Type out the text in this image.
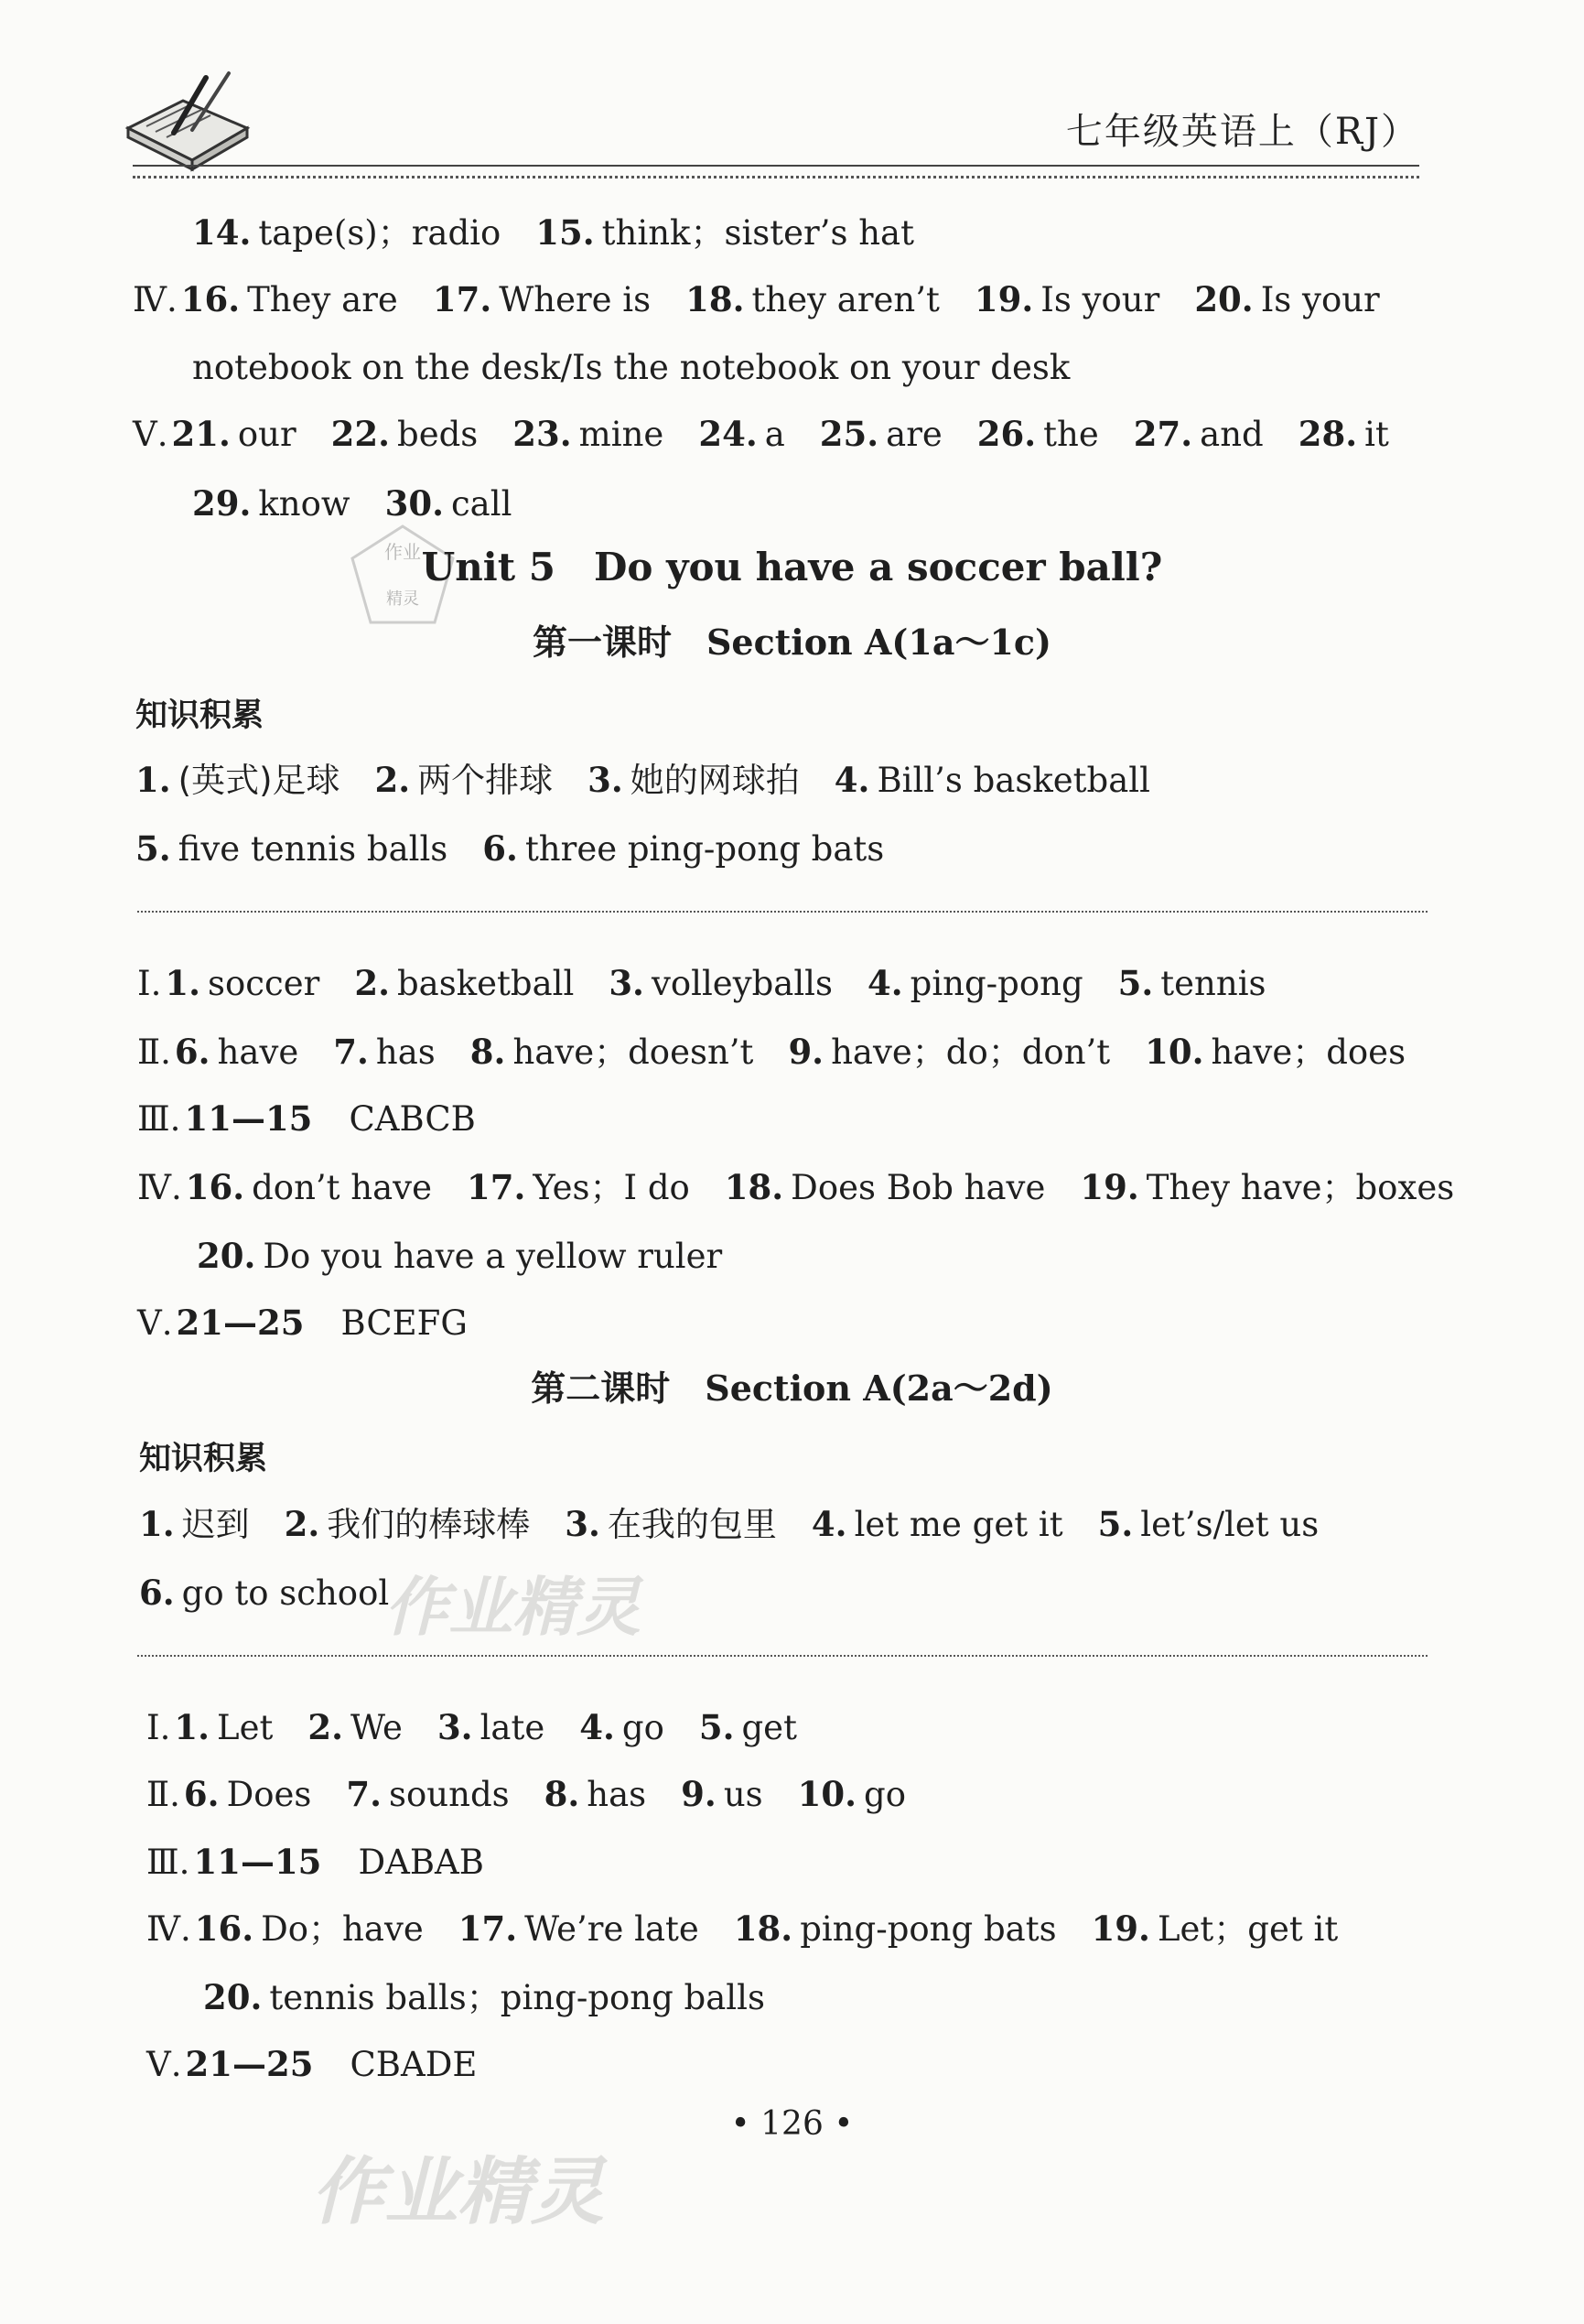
七年级英语上（RJ）
14. tape(s)；radio 15. think；sister’s hat
Ⅳ. 16. They are 17. Where is 18. they aren’t 19. Is your 20. Is your
notebook on the desk/Is the notebook on your desk
Ⅴ. 21. our 22. beds 23. mine 24. a 25. are 26. the 27. and 28. it
29. know 30. call
作业
精灵
Unit 5　Do you have a soccer ball?
第一课时　Section A(1a～1c)
知识积累
1. (英式)足球 2. 两个排球 3. 她的网球拍 4. Bill’s basketball
5. five tennis balls 6. three ping-pong bats
Ⅰ. 1. soccer 2. basketball 3. volleyballs 4. ping-pong 5. tennis
Ⅱ. 6. have 7. has 8. have；doesn’t 9. have；do；don’t 10. have；does
Ⅲ. 11—15 CABCB
Ⅳ. 16. don’t have 17. Yes；I do 18. Does Bob have 19. They have；boxes
20. Do you have a yellow ruler
Ⅴ. 21—25 BCEFG
第二课时　Section A(2a～2d)
知识积累
1. 迟到 2. 我们的棒球棒 3. 在我的包里 4. let me get it 5. let’s/let us
6. go to school
作业精灵
Ⅰ. 1. Let 2. We 3. late 4. go 5. get
Ⅱ. 6. Does 7. sounds 8. has 9. us 10. go
Ⅲ. 11—15 DABAB
Ⅳ. 16. Do；have 17. We’re late 18. ping-pong bats 19. Let；get it
20. tennis balls；ping-pong balls
Ⅴ. 21—25 CBADE
• 126 •
作业精灵
